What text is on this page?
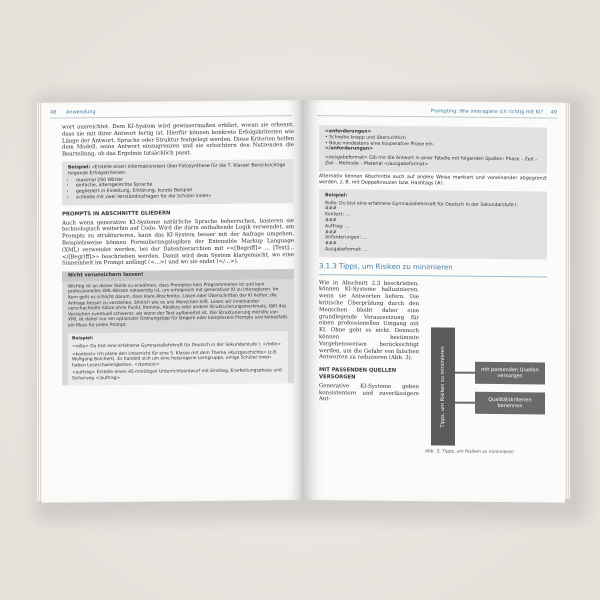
48 Anwendung

wort ausreichtet. Dem KI-System wird gewissermaßen erklärt, woran sie erkennt, dass sie mit ihrer Antwort fertig ist. Hierfür können konkrete Erfolgskriterien wie Länge der Antwort, Sprache oder Struktur festgelegt werden. Diese Kriterien helfen dem Modell, seine Antwort einzugrenzen und sie erleichtern den Nutzenden die Beurteilung, ob das Ergebnis tatsächlich passt.

Beispiel: »Erstelle einen Informationstext über Fotosynthese für die 7. Klasse! Berücksichtige folgende Erfolgskriterien:
• maximal 250 Wörter
• einfache, altersgerechte Sprache
• gegliedert in Einleitung, Erklärung, kurzes Beispiel
• schließe mit zwei Verständnisfragen für die Schüler:innen»
PROMPTS IN ABSCHNITTE GLIEDERN

Auch wenn generative KI-Systeme natürliche Sprache beherrschen, basieren sie technologisch weiterhin auf Code. Wird die darin enthaltende Logik verwendet, um Prompts zu strukturieren, kann das KI-System besser mit der Anfrage umgehen. Beispielsweise können Formulierungslogiken der Extensible Markup Language (XML) verwendet werden, bei der Datenhierarchien mit «<[Begriff]> ... [Text]...</[Begriff]>» beschrieben werden. Damit wird dem System klargemacht, wo eine Sinneinheit im Prompt anfängt (<...>) und wo sie endet (</...>).

Nicht verunsichern lassen!
Wichtig ist an dieser Stelle zu erwähnen, dass Prompten kein Programmieren ist und kein professionelles XML-Wissen notwendig ist, um erfolgreich mit generativer KI zu interagieren. Im Kern geht es schlicht darum, dass klare Abschnitte, Listen oder Überschriften der KI helfen, die Anfrage besser zu verstehen, ähnlich wie es uns Menschen hilft. Lesen wir inneinander verschachtelte Sätze ohne Punkt, Komma, Absätze oder andere Strukturierungsmerkmale, fällt das Verstehen eventuell schwerer, als wenn der Text aufbereitet ist. Die Strukturierung mithilfe von XML ist daher nur ein optionaler Ordnungstipp für längere oder komplexere Prompts und keinesfalls ein Muss für jeden Prompt.
Beispiel:
<rolle> Du bist eine erfahrene Gymnasiallehrkraft für Deutsch in der Sekundarstufe I. </rolle>
<kontext> Ich plane den Unterricht für eine 5. Klasse mit dem Thema »Kurzgeschichte« (z.B. Wolfgang Borchert). Es handelt sich um eine heterogene Lerngruppe, einige Schüler:innen haben Leseschwierigkeiten. </kontext>
<auftrag> Erstelle einen 45-minütigen Unterrichtsentwurf mit Einstieg, Erarbeitungsphase und Sicherung </auftrag>
Prompting: Wie interagiere ich richtig mit KI? 49
<anforderungen>
• Schreibe knapp und übersichtlich
• Baue mindestens eine kooperative Phase ein.
</anforderungen>
<ausgabeformat> Gib mir die Antwort in einer Tabelle mit folgenden Spalten: Phase – Zeit – Ziel – Methode – Material </ausgabeformat>

Alternativ können Abschnitte auch auf andere Weise markiert und voneinander abgegrenzt werden, z. B. mit Doppelkreuzen bzw. Hashtags (#).

Beispiel:
Rolle: Du bist eine erfahrene Gymnasiallehrkraft für Deutsch in der Sekundarstufe I.
###
Kontext: ...
###
Auftrag: ...
###
Anforderungen: ...
###
Ausgabeformat: ...
3.1.3 Tipps, um Risiken zu minimieren

Wie in Abschnitt 2.3 beschrieben, können KI-Systeme halluzinieren, wenn sie Antworten liefern. Die kritische Überprüfung durch den Menschen bleibt daher eine grundlegende Voraussetzung für einen professionellen Umgang mit KI. Ohne geht es nicht. Dennoch können bestimmte Vorgehensweisen berücksichtigt werden, um die Gefahr von falschen Antworten zu reduzieren (Abb. 3).

MIT PASSENDEN QUELLEN VERSORGEN

Generative KI-Systeme geben konsistentere und zuverlässigere Ant-	Tipps, um Risiken zu minimieren	mit passenden Quellen versorgen
Qualitätskriterien benennen
Abb. 3: Tipps, um Risiken zu minimieren
